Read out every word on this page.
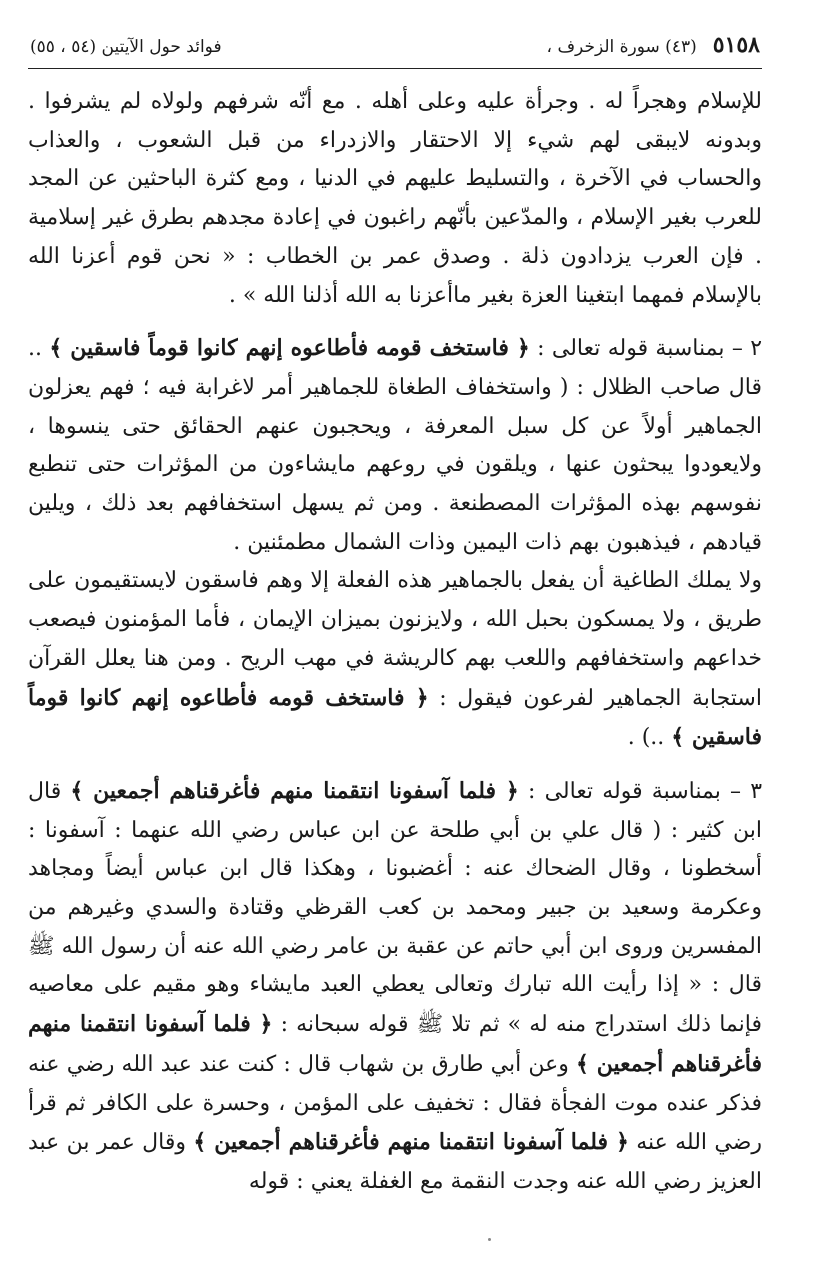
٥١٥٨
(٤٣) سورة الزخرف ،
فوائد حول الآيتين (٥٤ ، ٥٥)

للإسلام وهجراً له . وجرأة عليه وعلى أهله . مع أنّه شرفهم ولولاه لم يشرفوا . وبدونه لايبقى لهم شيء إلا الاحتقار والازدراء من قبل الشعوب ، والعذاب والحساب في الآخرة ، والتسليط عليهم في الدنيا ، ومع كثرة الباحثين عن المجد للعرب بغير الإسلام ، والمدّعين بأنّهم راغبون في إعادة مجدهم بطرق غير إسلامية . فإن العرب يزدادون ذلة . وصدق عمر بن الخطاب : « نحن قوم أعزنا الله بالإسلام فمهما ابتغينا العزة بغير ماأعزنا به الله أذلنا الله » .

٢ – بمناسبة قوله تعالى : ﴿ فاستخف قومه فأطاعوه إنهم كانوا قوماً فاسقين ﴾ .. قال صاحب الظلال : ( واستخفاف الطغاة للجماهير أمر لاغرابة فيه ؛ فهم يعزلون الجماهير أولاً عن كل سبل المعرفة ، ويحجبون عنهم الحقائق حتى ينسوها ، ولايعودوا يبحثون عنها ، ويلقون في روعهم مايشاءون من المؤثرات حتى تنطبع نفوسهم بهذه المؤثرات المصطنعة . ومن ثم يسهل استخفافهم بعد ذلك ، ويلين قيادهم ، فيذهبون بهم ذات اليمين وذات الشمال مطمئنين .

ولا يملك الطاغية أن يفعل بالجماهير هذه الفعلة إلا وهم فاسقون لايستقيمون على طريق ، ولا يمسكون بحبل الله ، ولايزنون بميزان الإيمان ، فأما المؤمنون فيصعب خداعهم واستخفافهم واللعب بهم كالريشة في مهب الريح . ومن هنا يعلل القرآن استجابة الجماهير لفرعون فيقول : ﴿ فاستخف قومه فأطاعوه إنهم كانوا قوماً فاسقين ﴾ ..) .

٣ – بمناسبة قوله تعالى : ﴿ فلما آسفونا انتقمنا منهم فأغرقناهم أجمعين ﴾ قال ابن كثير : ( قال علي بن أبي طلحة عن ابن عباس رضي الله عنهما : آسفونا : أسخطونا ، وقال الضحاك عنه : أغضبونا ، وهكذا قال ابن عباس أيضاً ومجاهد وعكرمة وسعيد بن جبير ومحمد بن كعب القرظي وقتادة والسدي وغيرهم من المفسرين وروى ابن أبي حاتم عن عقبة بن عامر رضي الله عنه أن رسول الله ﷺ قال : « إذا رأيت الله تبارك وتعالى يعطي العبد مايشاء وهو مقيم على معاصيه فإنما ذلك استدراج منه له » ثم تلا ﷺ قوله سبحانه : ﴿ فلما آسفونا انتقمنا منهم فأغرقناهم أجمعين ﴾ وعن أبي طارق بن شهاب قال : كنت عند عبد الله رضي عنه فذكر عنده موت الفجأة فقال : تخفيف على المؤمن ، وحسرة على الكافر ثم قرأ رضي الله عنه ﴿ فلما آسفونا انتقمنا منهم فأغرقناهم أجمعين ﴾ وقال عمر بن عبد العزيز رضي الله عنه وجدت النقمة مع الغفلة يعني : قوله
